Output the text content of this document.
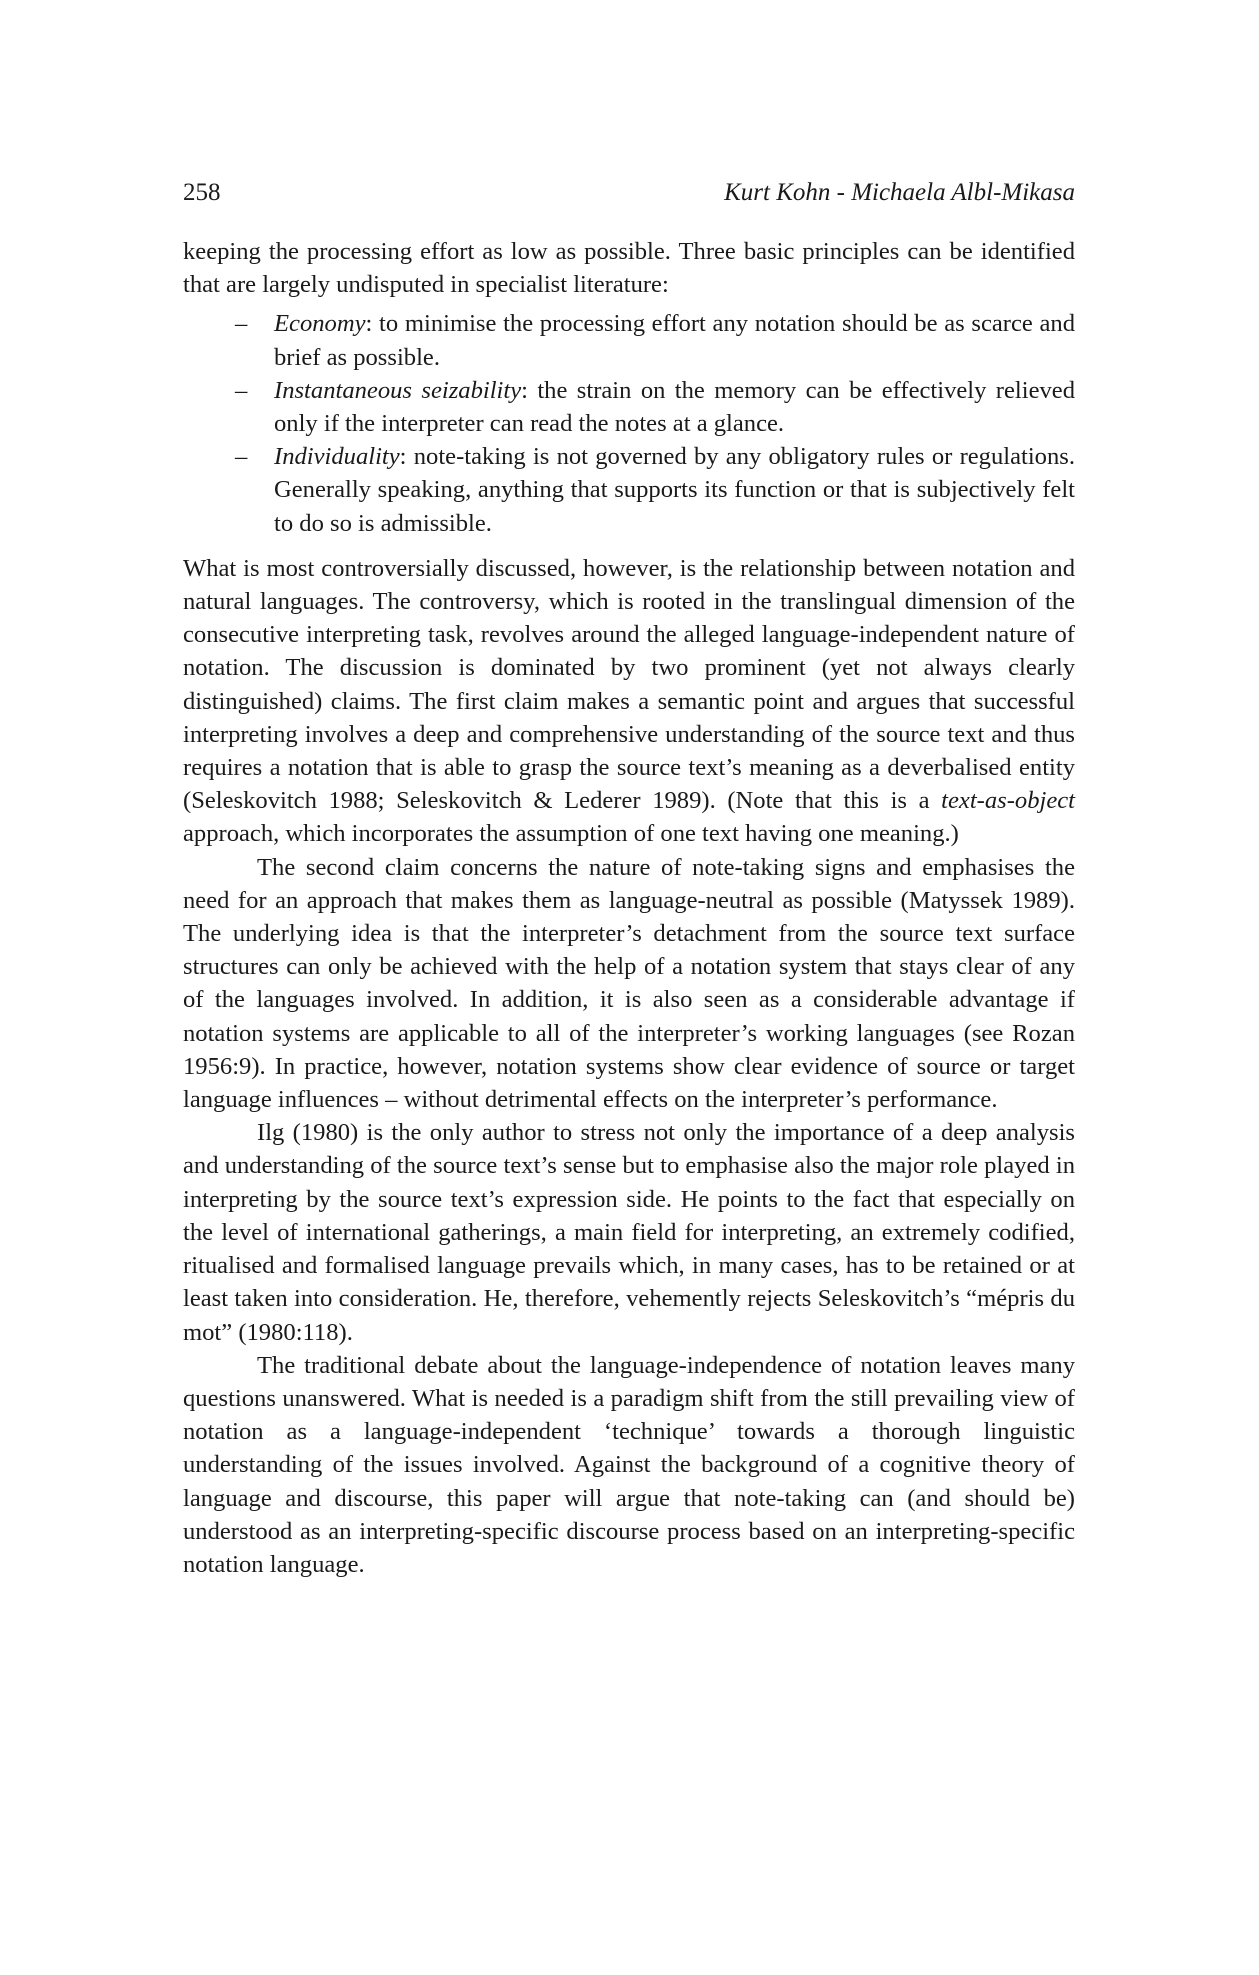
258	Kurt Kohn - Michaela Albl-Mikasa

keeping the processing effort as low as possible. Three basic principles can be identified that are largely undisputed in specialist literature:

– Economy: to minimise the processing effort any notation should be as scarce and brief as possible.
– Instantaneous seizability: the strain on the memory can be effectively relieved only if the interpreter can read the notes at a glance.
– Individuality: note-taking is not governed by any obligatory rules or regulations. Generally speaking, anything that supports its function or that is subjectively felt to do so is admissible.

What is most controversially discussed, however, is the relationship between notation and natural languages. The controversy, which is rooted in the translingual dimension of the consecutive interpreting task, revolves around the alleged language-independent nature of notation. The discussion is dominated by two prominent (yet not always clearly distinguished) claims. The first claim makes a semantic point and argues that successful interpreting involves a deep and comprehensive understanding of the source text and thus requires a notation that is able to grasp the source text’s meaning as a deverbalised entity (Seleskovitch 1988; Seleskovitch & Lederer 1989). (Note that this is a text-as-object approach, which incorporates the assumption of one text having one meaning.)

The second claim concerns the nature of note-taking signs and emphasises the need for an approach that makes them as language-neutral as possible (Matyssek 1989). The underlying idea is that the interpreter’s detachment from the source text surface structures can only be achieved with the help of a notation system that stays clear of any of the languages involved. In addition, it is also seen as a considerable advantage if notation systems are applicable to all of the interpreter’s working languages (see Rozan 1956:9). In practice, however, notation systems show clear evidence of source or target language influences – without detrimental effects on the interpreter’s performance.

Ilg (1980) is the only author to stress not only the importance of a deep analysis and understanding of the source text’s sense but to emphasise also the major role played in interpreting by the source text’s expression side. He points to the fact that especially on the level of international gatherings, a main field for interpreting, an extremely codified, ritualised and formalised language prevails which, in many cases, has to be retained or at least taken into consideration. He, therefore, vehemently rejects Seleskovitch’s “mépris du mot” (1980:118).

The traditional debate about the language-independence of notation leaves many questions unanswered. What is needed is a paradigm shift from the still prevailing view of notation as a language-independent ‘technique’ towards a thorough linguistic understanding of the issues involved. Against the background of a cognitive theory of language and discourse, this paper will argue that note-taking can (and should be) understood as an interpreting-specific discourse process based on an interpreting-specific notation language.
